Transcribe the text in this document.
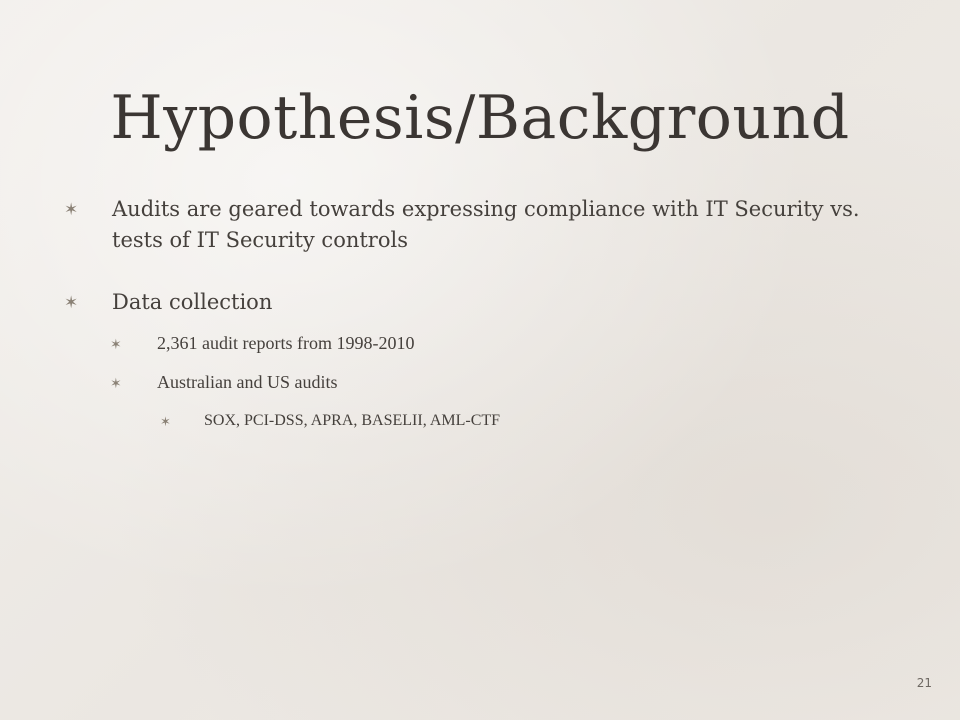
Hypothesis/Background
✶ Audits are geared towards expressing compliance with IT Security vs. tests of IT Security controls
✶ Data collection
✶ 2,361 audit reports from 1998-2010
✶ Australian and US audits
✶ SOX, PCI-DSS, APRA, BASELII, AML-CTF
21
